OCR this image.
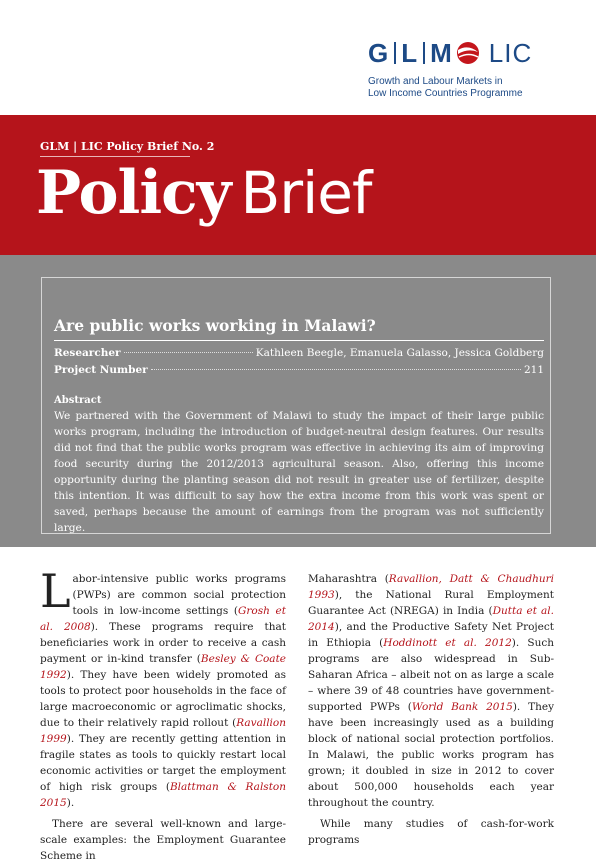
G L M LIC
Growth and Labour Markets in
Low Income Countries Programme
GLM | LIC Policy Brief No. 2
Policy Brief
Are public works working in Malawi?
Researcher	Kathleen Beegle, Emanuela Galasso, Jessica Goldberg
Project Number	211
Abstract
We partnered with the Government of Malawi to study the impact of their large public works program, including the introduction of budget-neutral design features. Our results did not find that the public works program was effective in achieving its aim of improving food security during the 2012/2013 agricultural season. Also, offering this income opportunity during the planting season did not result in greater use of fertilizer, despite this intention. It was difficult to say how the extra income from this work was spent or saved, perhaps because the amount of earnings from the program was not sufficiently large.

Labor-intensive public works programs (PWPs) are common social protection tools in low-income settings (Grosh et al. 2008). These programs require that beneficiaries work in order to receive a cash payment or in-kind transfer (Besley & Coate 1992). They have been widely promoted as tools to protect poor households in the face of large macroeconomic or agroclimatic shocks, due to their relatively rapid rollout (Ravallion 1999). They are recently getting attention in fragile states as tools to quickly restart local economic activities or target the employment of high risk groups (Blattman & Ralston 2015).

There are several well-known and large-scale examples: the Employment Guarantee Scheme in

Maharashtra (Ravallion, Datt & Chaudhuri 1993), the National Rural Employment Guarantee Act (NREGA) in India (Dutta et al. 2014), and the Productive Safety Net Project in Ethiopia (Hoddinott et al. 2012). Such programs are also widespread in Sub-Saharan Africa – albeit not on as large a scale – where 39 of 48 countries have government-supported PWPs (World Bank 2015). They have been increasingly used as a building block of national social protection portfolios. In Malawi, the public works program has grown; it doubled in size in 2012 to cover about 500,000 households each year throughout the country.

While many studies of cash-for-work programs
